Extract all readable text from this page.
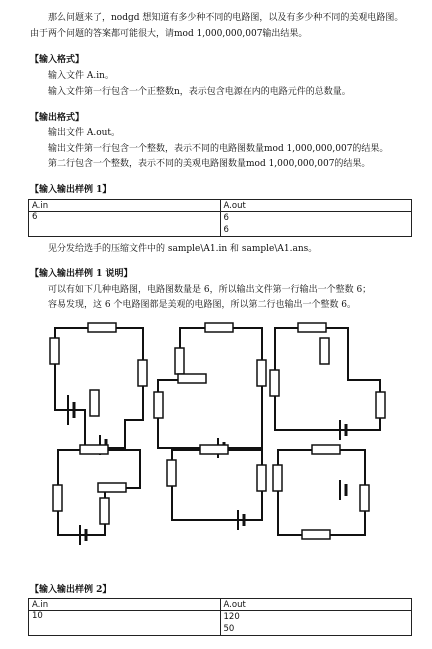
那么问题来了，nodgd 想知道有多少种不同的电路图，以及有多少种不同的美观电路图。
由于两个问题的答案都可能很大，请mod 1,000,000,007输出结果。
【输入格式】
输入文件 A.in。
输入文件第一行包含一个正整数n，表示包含电源在内的电路元件的总数量。
【输出格式】
输出文件 A.out。
输出文件第一行包含一个整数，表示不同的电路图数量mod 1,000,000,007的结果。
第二行包含一个整数，表示不同的美观电路图数量mod 1,000,000,007的结果。
【输入输出样例 1】
A.in	A.out
6	6
6
见分发给选手的压缩文件中的 sample\A1.in 和 sample\A1.ans。
【输入输出样例 1 说明】
可以有如下几种电路图，电路图数量是 6，所以输出文件第一行输出一个整数 6；
容易发现，这 6 个电路图都是美观的电路图，所以第二行也输出一个整数 6。
【输入输出样例 2】
A.in	A.out
10	120
50
